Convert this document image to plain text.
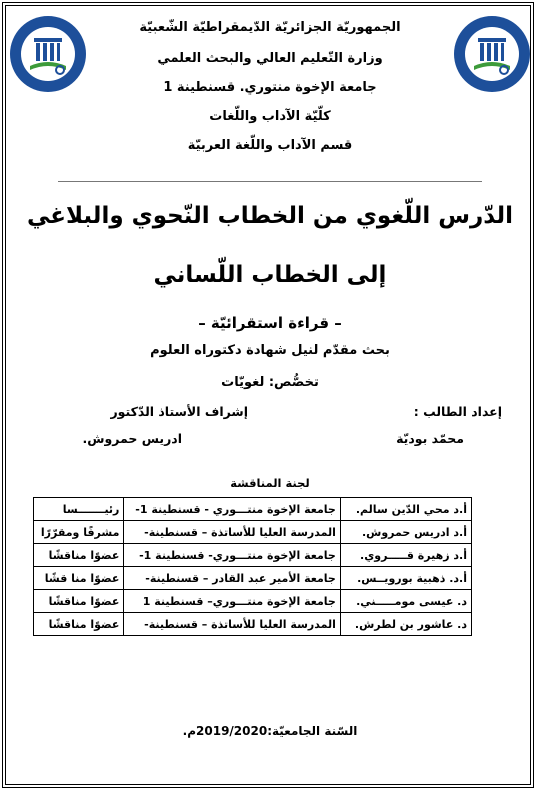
الجمهوريّة الجزائريّة الدّيمقراطيّة الشّعبيّة
وزارة التّعليم العالي والبحث العلمي
جامعة الإخوة منتوري. قسنطينة 1
كلّيّة الآداب واللّغات
قسم الآداب واللّغة العربيّة
الدّرس اللّغوي من الخطاب النّحوي والبلاغي
إلى الخطاب اللّساني
– قراءة استقرائيّة –
بحث مقدّم لنيل شهادة دكتوراه العلوم
تخصُّص: لغويّات
إعداد الطالب :
محمّد بوديّة
إشراف الأستاذ الدّكتور
ادريس حمروش.
لجنة المناقشة
أ.د محي الدّين سالم.	جامعة الإخوة منتـــوري - قسنطينة 1-	رئيـــــــسا
أ.د ادريس حمروش.	المدرسة العليا للأساتذة – قسنطينة-	مشرفًا ومقرّرًا
أ.د زهيرة قـــــروي.	جامعة الإخوة منتـــوري- قسنطينة 1-	عضوًا مناقشًا
أ.د. ذهبية بورويــس.	جامعة الأمير عبد القادر – قسنطينة-	عضوًا منا قشًا
د. عيسى مومـــــني.	جامعة الإخوة منتـــوري– قسنطينة 1	عضوًا مناقشًا
د. عاشور بن لطرش.	المدرسة العليا للأساتذة – قسنطينة-	عضوًا مناقشًا
السّنة الجامعيّة:2019/2020م.
